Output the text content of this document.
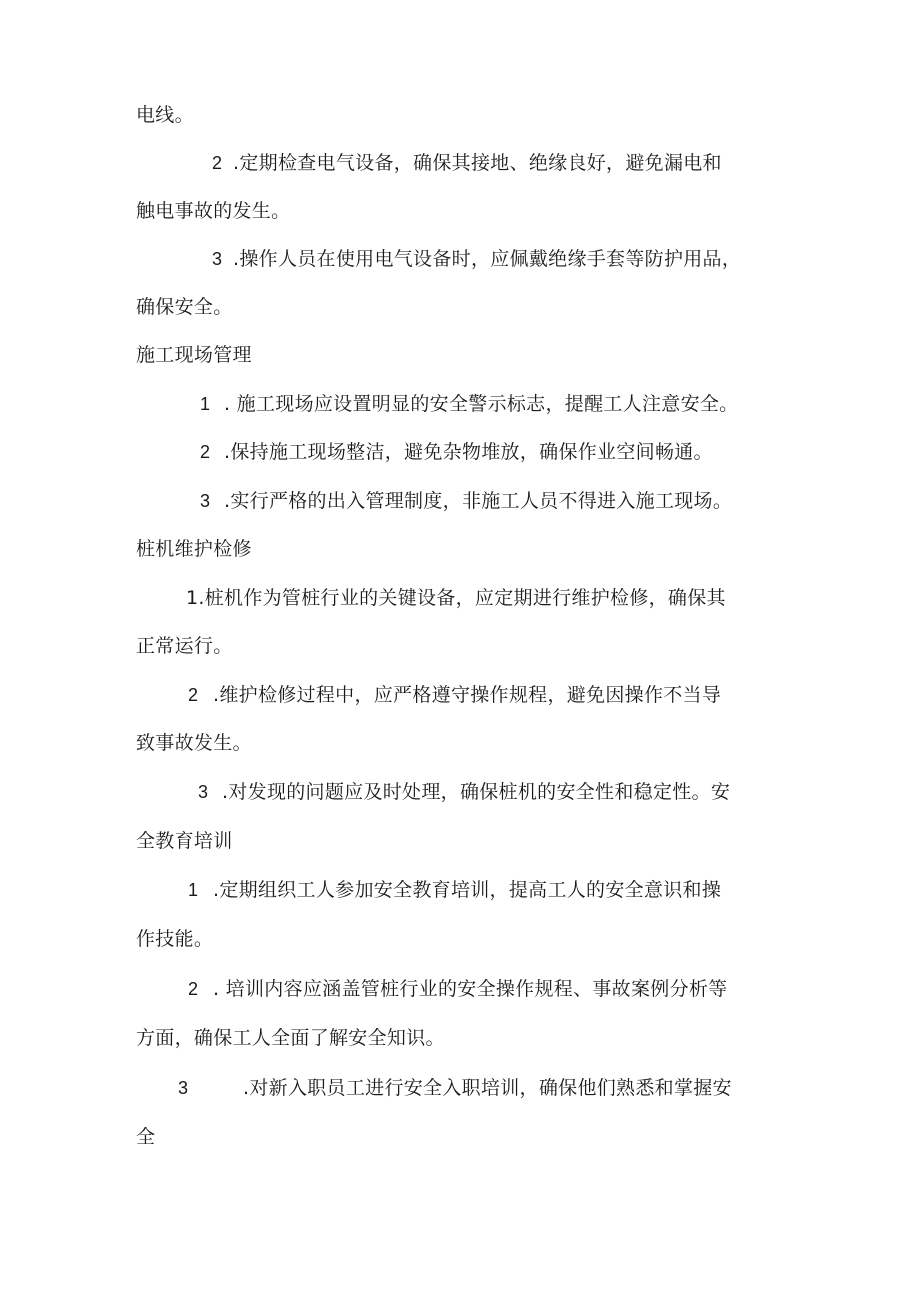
电线。
2 .定期检查电气设备，确保其接地、绝缘良好，避免漏电和
触电事故的发生。
3 .操作人员在使用电气设备时，应佩戴绝缘手套等防护用品，
确保安全。
施工现场管理
1 . 施工现场应设置明显的安全警示标志，提醒工人注意安全。
2 .保持施工现场整洁，避免杂物堆放，确保作业空间畅通。
3 .实行严格的出入管理制度，非施工人员不得进入施工现场。
桩机维护检修
1.桩机作为管桩行业的关键设备，应定期进行维护检修，确保其
正常运行。
2 .维护检修过程中，应严格遵守操作规程，避免因操作不当导
致事故发生。
3 .对发现的问题应及时处理，确保桩机的安全性和稳定性。安
全教育培训
1 .定期组织工人参加安全教育培训，提高工人的安全意识和操
作技能。
2 . 培训内容应涵盖管桩行业的安全操作规程、事故案例分析等
方面，确保工人全面了解安全知识。
3	.对新入职员工进行安全入职培训，确保他们熟悉和掌握安
全
